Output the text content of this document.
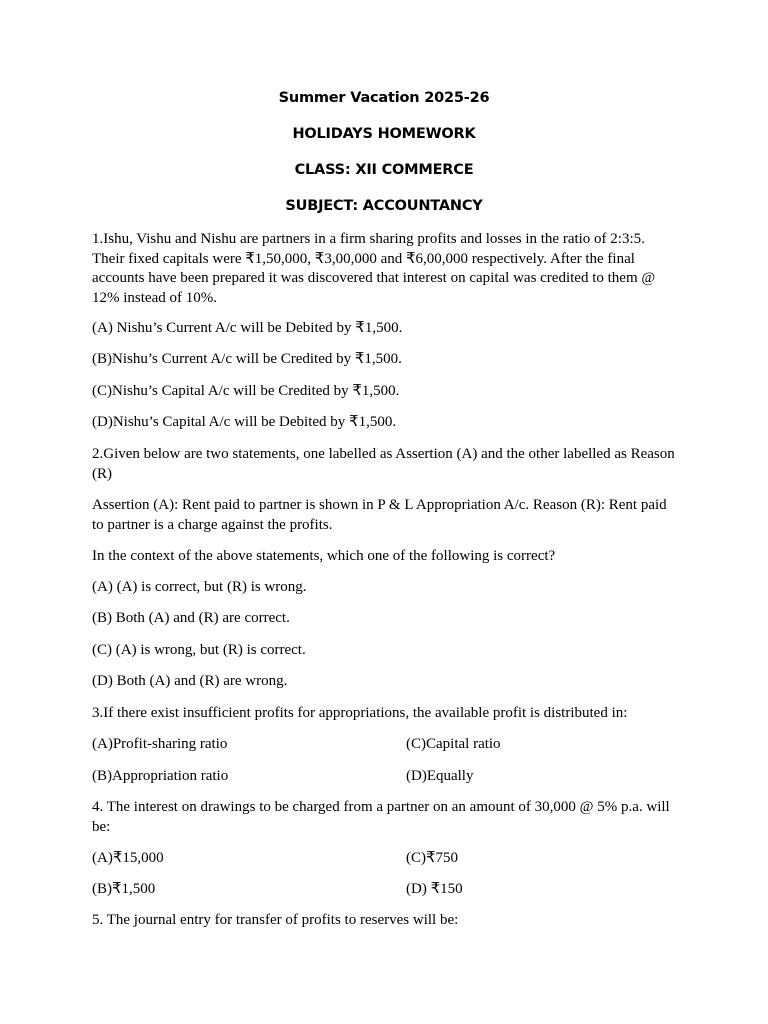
Summer Vacation 2025-26
HOLIDAYS HOMEWORK
CLASS: XII COMMERCE
SUBJECT: ACCOUNTANCY
1.Ishu, Vishu and Nishu are partners in a firm sharing profits and losses in the ratio of 2:3:5. Their fixed capitals were ₹1,50,000, ₹3,00,000 and ₹6,00,000 respectively. After the final accounts have been prepared it was discovered that interest on capital was credited to them @ 12% instead of 10%.
(A) Nishu’s Current A/c will be Debited by ₹1,500.
(B)Nishu’s Current A/c will be Credited by ₹1,500.
(C)Nishu’s Capital A/c will be Credited by ₹1,500.
(D)Nishu’s Capital A/c will be Debited by ₹1,500.
2.Given below are two statements, one labelled as Assertion (A) and the other labelled as Reason (R)
Assertion (A): Rent paid to partner is shown in P & L Appropriation A/c. Reason (R): Rent paid to partner is a charge against the profits.
In the context of the above statements, which one of the following is correct?
(A) (A) is correct, but (R) is wrong.
(B) Both (A) and (R) are correct.
(C) (A) is wrong, but (R) is correct.
(D) Both (A) and (R) are wrong.
3.If there exist insufficient profits for appropriations, the available profit is distributed in:
(A)Profit-sharing ratio	(C)Capital ratio
(B)Appropriation ratio	(D)Equally
4. The interest on drawings to be charged from a partner on an amount of 30,000 @ 5% p.a. will be:
(A)₹15,000	(C)₹750
(B)₹1,500	(D) ₹150
5. The journal entry for transfer of profits to reserves will be:
